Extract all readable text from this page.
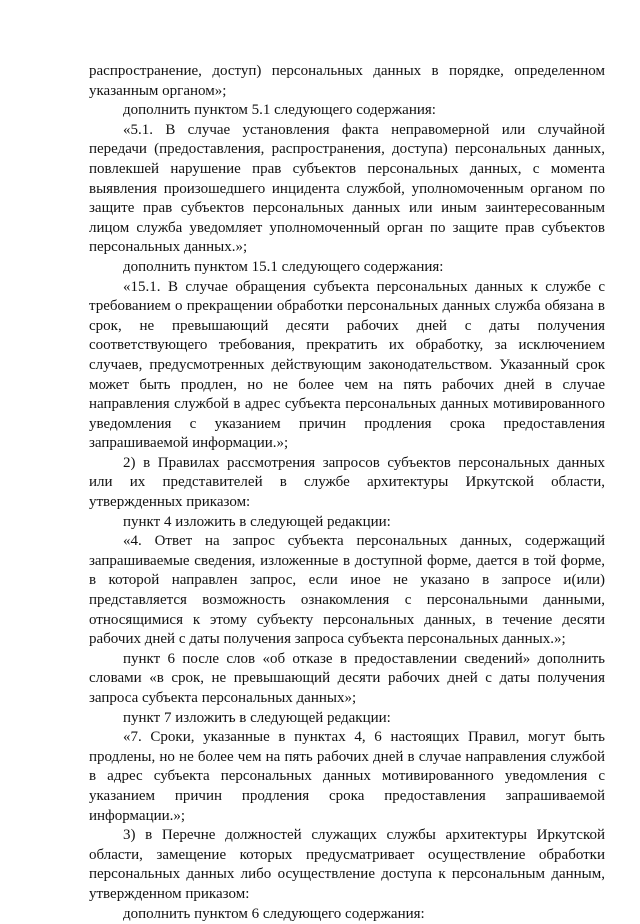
распространение, доступ) персональных данных в порядке, определенном указанным органом»;

дополнить пунктом 5.1 следующего содержания:

«5.1. В случае установления факта неправомерной или случайной передачи (предоставления, распространения, доступа) персональных данных, повлекшей нарушение прав субъектов персональных данных, с момента выявления произошедшего инцидента службой, уполномоченным органом по защите прав субъектов персональных данных или иным заинтересованным лицом служба уведомляет уполномоченный орган по защите прав субъектов персональных данных.»;

дополнить пунктом 15.1 следующего содержания:

«15.1. В случае обращения субъекта персональных данных к службе с требованием о прекращении обработки персональных данных служба обязана в срок, не превышающий десяти рабочих дней с даты получения соответствующего требования, прекратить их обработку, за исключением случаев, предусмотренных действующим законодательством. Указанный срок может быть продлен, но не более чем на пять рабочих дней в случае направления службой в адрес субъекта персональных данных мотивированного уведомления с указанием причин продления срока предоставления запрашиваемой информации.»;

2) в Правилах рассмотрения запросов субъектов персональных данных или их представителей в службе архитектуры Иркутской области, утвержденных приказом:

пункт 4 изложить в следующей редакции:

«4. Ответ на запрос субъекта персональных данных, содержащий запрашиваемые сведения, изложенные в доступной форме, дается в той форме, в которой направлен запрос, если иное не указано в запросе и(или) представляется возможность ознакомления с персональными данными, относящимися к этому субъекту персональных данных, в течение десяти рабочих дней с даты получения запроса субъекта персональных данных.»;

пункт 6 после слов «об отказе в предоставлении сведений» дополнить словами «в срок, не превышающий десяти рабочих дней с даты получения запроса субъекта персональных данных»;

пункт 7 изложить в следующей редакции:

«7. Сроки, указанные в пунктах 4, 6 настоящих Правил, могут быть продлены, но не более чем на пять рабочих дней в случае направления службой в адрес субъекта персональных данных мотивированного уведомления с указанием причин продления срока предоставления запрашиваемой информации.»;

3) в Перечне должностей служащих службы архитектуры Иркутской области, замещение которых предусматривает осуществление обработки персональных данных либо осуществление доступа к персональным данным, утвержденном приказом:

дополнить пунктом 6 следующего содержания:
